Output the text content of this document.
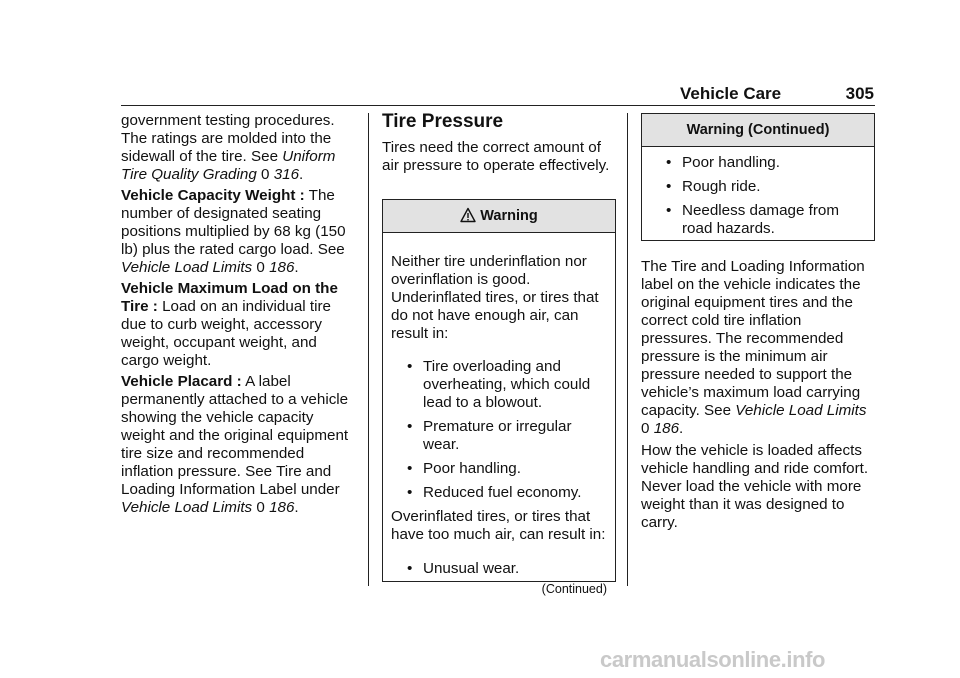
Vehicle Care	305

government testing procedures.
The ratings are molded into the
sidewall of the tire. See Uniform Tire Quality Grading 0 316.

Vehicle Capacity Weight : The number of designated seating positions multiplied by 68 kg (150 lb) plus the rated cargo load. See Vehicle Load Limits 0 186.

Vehicle Maximum Load on the Tire : Load on an individual tire due to curb weight, accessory weight, occupant weight, and cargo weight.

Vehicle Placard : A label permanently attached to a vehicle showing the vehicle capacity weight and the original equipment tire size and recommended inflation pressure. See Tire and Loading Information Label under Vehicle Load Limits 0 186.

Tire Pressure

Tires need the correct amount of air pressure to operate effectively.

Warning

Neither tire underinflation nor overinflation is good. Underinflated tires, or tires that do not have enough air, can result in:

• Tire overloading and overheating, which could lead to a blowout.
• Premature or irregular wear.
• Poor handling.
• Reduced fuel economy.

Overinflated tires, or tires that have too much air, can result in:

• Unusual wear.

(Continued)

Warning (Continued)
• Poor handling.
• Rough ride.
• Needless damage from road hazards.

The Tire and Loading Information label on the vehicle indicates the original equipment tires and the correct cold tire inflation pressures. The recommended pressure is the minimum air pressure needed to support the vehicle’s maximum load carrying capacity. See Vehicle Load Limits 0 186.

How the vehicle is loaded affects vehicle handling and ride comfort. Never load the vehicle with more weight than it was designed to carry.

carmanualsonline.info
